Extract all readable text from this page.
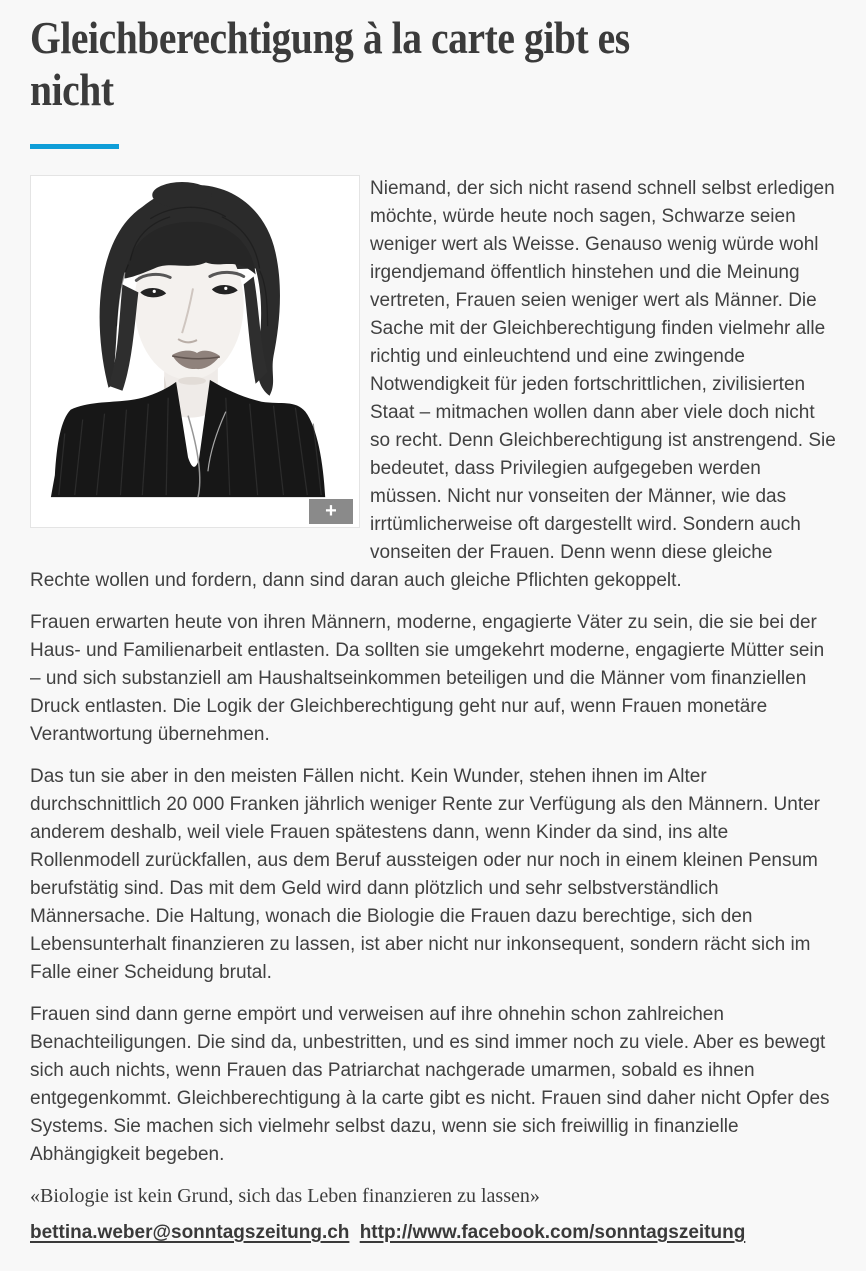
Gleichberechtigung à la carte gibt es
nicht
+

Niemand, der sich nicht rasend schnell selbst erledigen möchte, würde heute noch sagen, Schwarze seien weniger wert als Weisse. Genauso wenig würde wohl irgendjemand öffentlich hinstehen und die Meinung vertreten, Frauen seien weniger wert als Männer. Die Sache mit der Gleichberechtigung finden vielmehr alle richtig und einleuchtend und eine zwingende Notwendigkeit für jeden fortschrittlichen, zivilisierten Staat – mitmachen wollen dann aber viele doch nicht so recht. Denn Gleichberechtigung ist anstrengend. Sie bedeutet, dass Privilegien aufgegeben werden müssen. Nicht nur vonseiten der Männer, wie das irrtümlicherweise oft dargestellt wird. Sondern auch vonseiten der Frauen. Denn wenn diese gleiche Rechte wollen und fordern, dann sind daran auch gleiche Pflichten gekoppelt.

Frauen erwarten heute von ihren Männern, moderne, engagierte Väter zu sein, die sie bei der Haus- und Familienarbeit entlasten. Da sollten sie umgekehrt moderne, engagierte Mütter sein – und sich substanziell am Haushaltseinkommen beteiligen und die Männer vom finanziellen Druck entlasten. Die Logik der Gleichberechtigung geht nur auf, wenn Frauen monetäre Verantwortung übernehmen.

Das tun sie aber in den meisten Fällen nicht. Kein Wunder, stehen ihnen im Alter durchschnittlich 20 000 Franken jährlich weniger Rente zur Verfügung als den Männern. Unter anderem deshalb, weil viele Frauen spätestens dann, wenn Kinder da sind, ins alte Rollenmodell zurückfallen, aus dem Beruf aussteigen oder nur noch in einem kleinen Pensum berufstätig sind. Das mit dem Geld wird dann plötzlich und sehr selbstverständlich Männersache. Die Haltung, wonach die Biologie die Frauen dazu berechtige, sich den Lebensunterhalt finanzieren zu lassen, ist aber nicht nur inkonsequent, sondern rächt sich im Falle einer Scheidung brutal.

Frauen sind dann gerne empört und verweisen auf ihre ohnehin schon zahlreichen Benachteiligungen. Die sind da, unbestritten, und es sind immer noch zu viele. Aber es bewegt sich auch nichts, wenn Frauen das Patriarchat nachgerade umarmen, sobald es ihnen entgegenkommt. Gleichberechtigung à la carte gibt es nicht. Frauen sind daher nicht Opfer des Systems. Sie machen sich vielmehr selbst dazu, wenn sie sich freiwillig in finanzielle Abhängigkeit begeben.

«Biologie ist kein Grund, sich das Leben finanzieren zu lassen»

bettina.weber@sonntagszeitung.ch http://www.facebook.com/sonntagszeitung
